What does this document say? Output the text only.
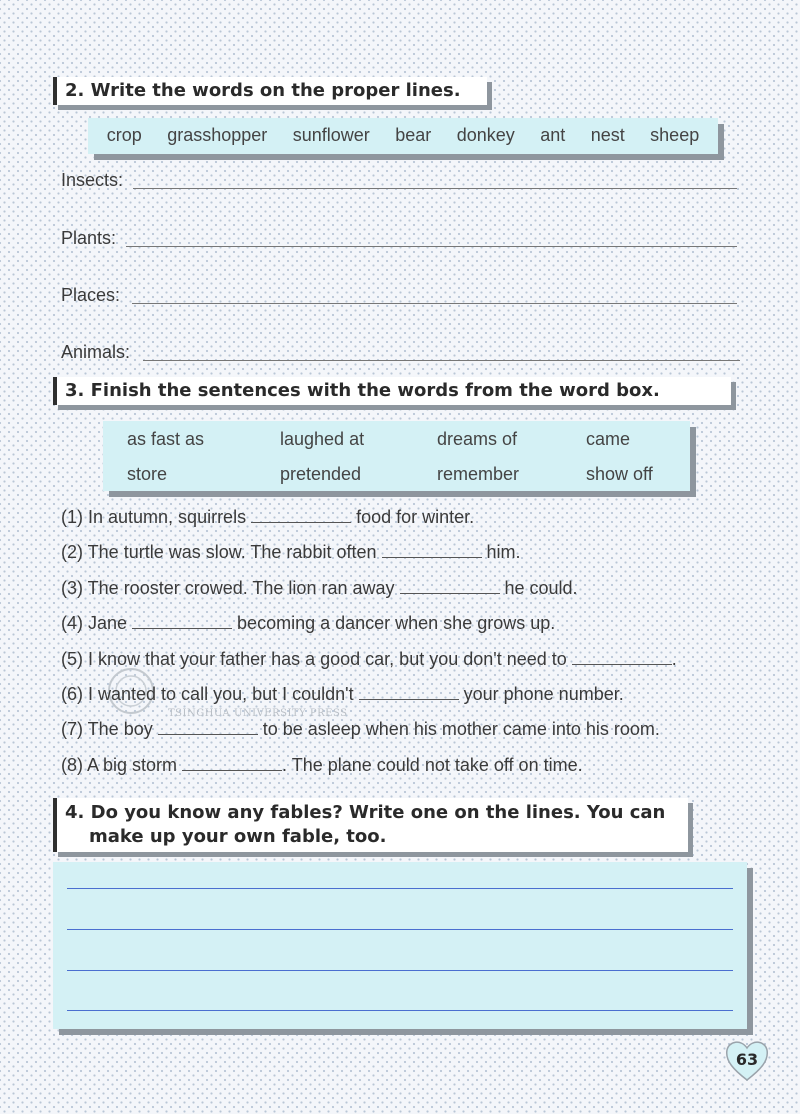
2. Write the words on the proper lines.
crop grasshopper sunflower bear donkey ant nest sheep
Insects:
Plants:
Places:
Animals:
3. Finish the sentences with the words from the word box.
as fast as	laughed at	dreams of	came
store	pretended	remember	show off
TSINGHUA UNIVERSITY PRESS
(1) In autumn, squirrels	food for winter.
(2) The turtle was slow. The rabbit often	him.
(3) The rooster crowed. The lion ran away	he could.
(4) Jane	becoming a dancer when she grows up.
(5) I know that your father has a good car, but you don't need to	.
(6) I wanted to call you, but I couldn't	your phone number.
(7) The boy	to be asleep when his mother came into his room.
(8) A big storm	. The plane could not take off on time.
4. Do you know any fables? Write one on the lines. You can
make up your own fable, too.
63
